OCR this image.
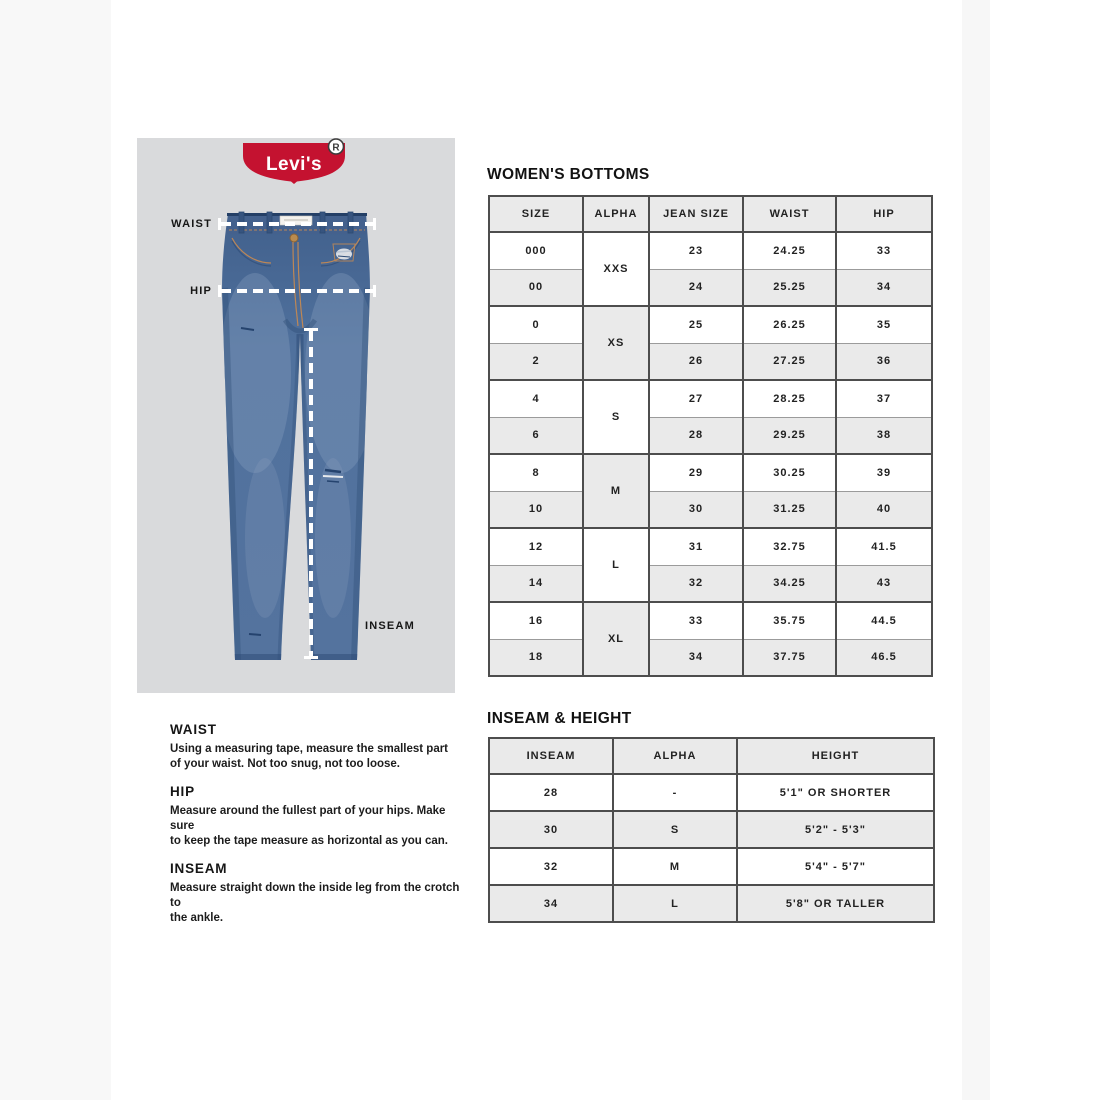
Levi's
R
WAIST
HIP
INSEAM
WAIST
Using a measuring tape, measure the smallest part
of your waist. Not too snug, not too loose.
HIP
Measure around the fullest part of your hips. Make sure
to keep the tape measure as horizontal as you can.
INSEAM
Measure straight down the inside leg from the crotch to
the ankle.
WOMEN'S BOTTOMS
SIZE	ALPHA	JEAN SIZE	WAIST	HIP
000	XXS	23	24.25	33
00		24	25.25	34
0	XS	25	26.25	35
2		26	27.25	36
4	S	27	28.25	37
6		28	29.25	38
8	M	29	30.25	39
10		30	31.25	40
12	L	31	32.75	41.5
14		32	34.25	43
16	XL	33	35.75	44.5
18		34	37.75	46.5
INSEAM & HEIGHT
INSEAM	ALPHA	HEIGHT
28	-	5'1" OR SHORTER
30	S	5'2" - 5'3"
32	M	5'4" - 5'7"
34	L	5'8" OR TALLER
